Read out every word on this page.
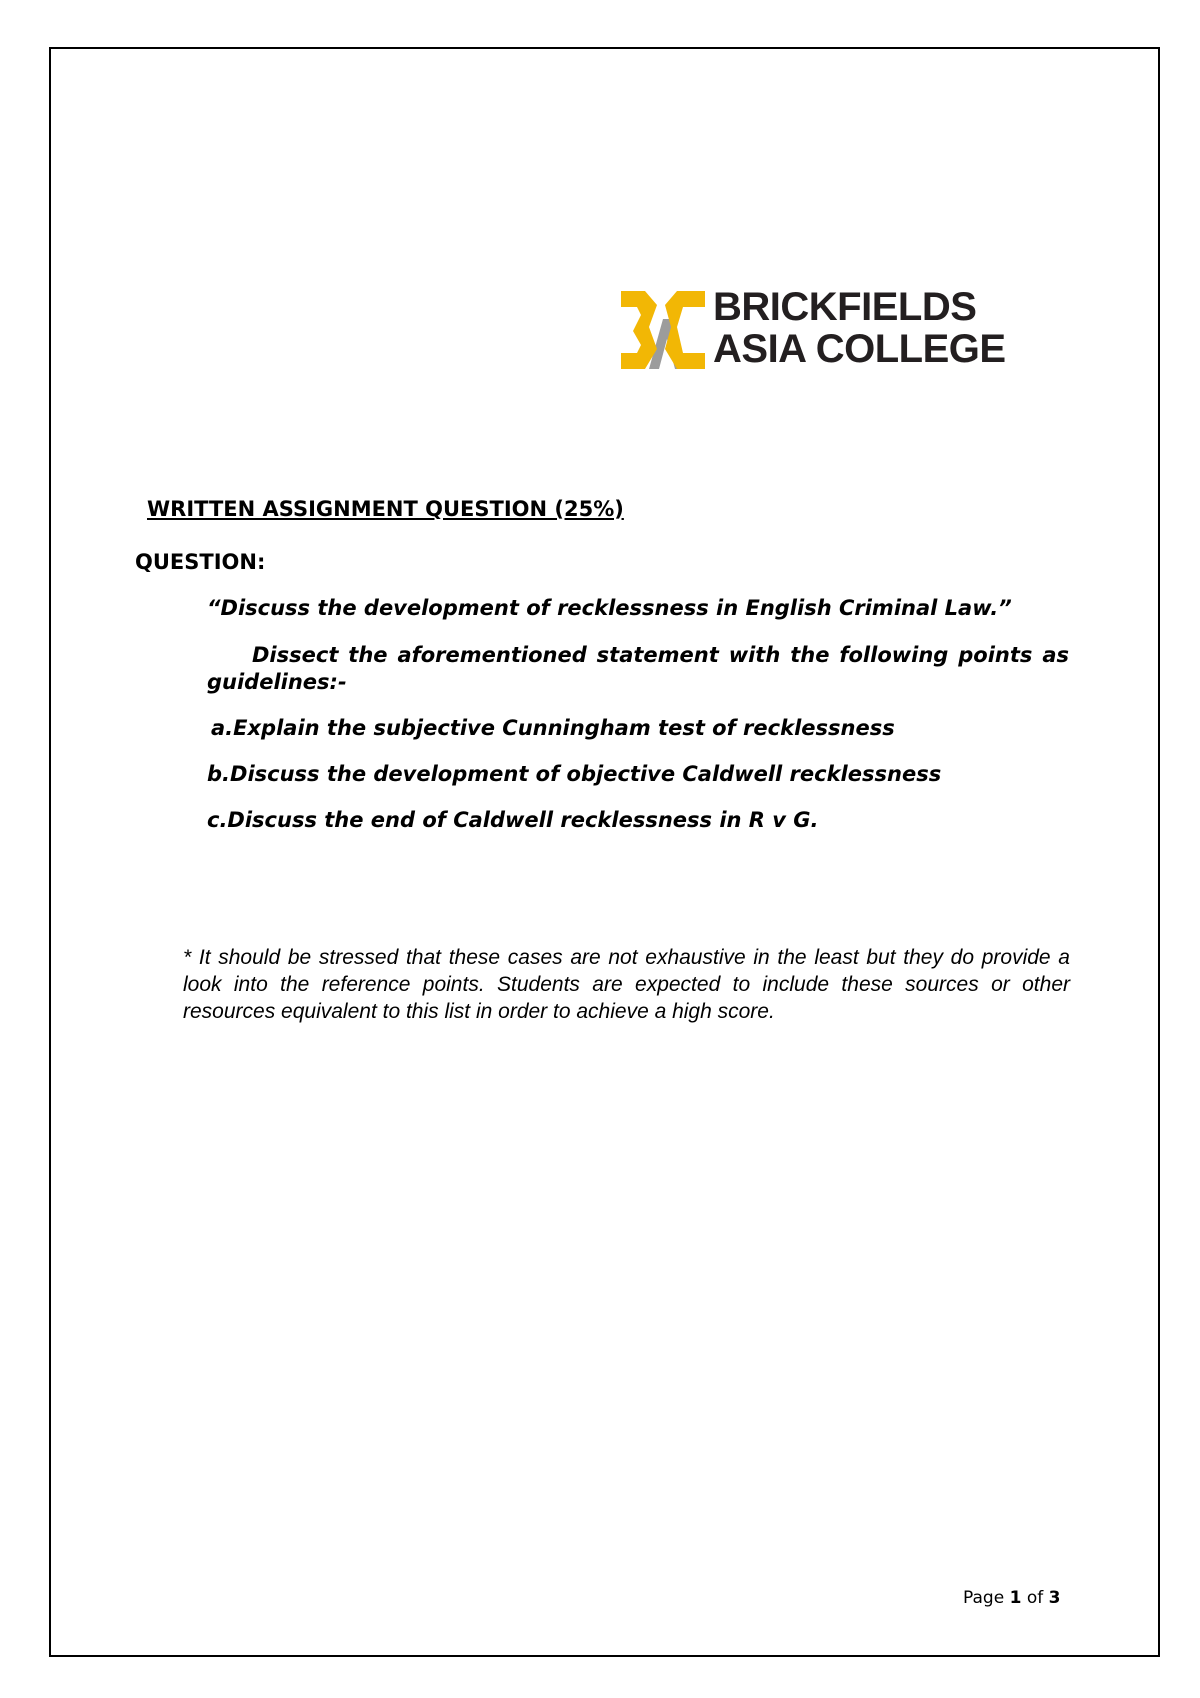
BRICKFIELDS
ASIA COLLEGE
WRITTEN ASSIGNMENT QUESTION (25%)
QUESTION:
“Discuss the development of recklessness in English Criminal Law.”
Dissect the aforementioned statement with the following points as guidelines:-
a.Explain the subjective Cunningham test of recklessness
b.Discuss the development of objective Caldwell recklessness
c.Discuss the end of Caldwell recklessness in R v G.
* It should be stressed that these cases are not exhaustive in the least but they do provide a look into the reference points. Students are expected to include these sources or other resources equivalent to this list in order to achieve a high score.
Page 1 of 3
